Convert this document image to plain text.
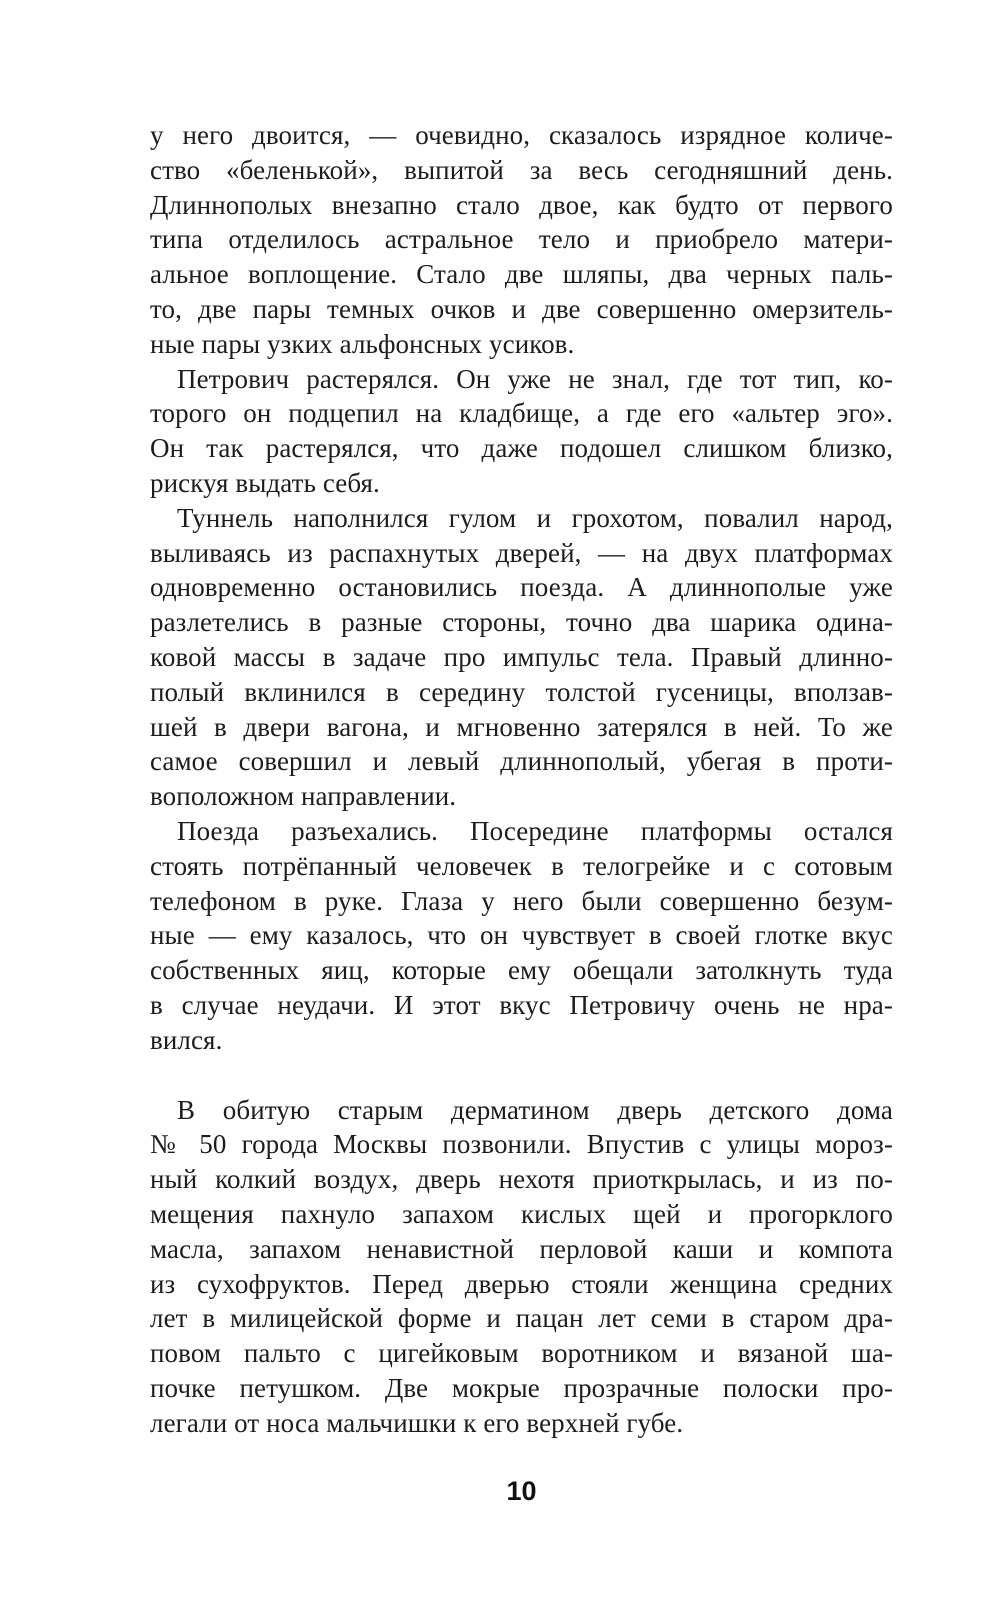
у него двоится, — очевидно, сказалось изрядное количе-
ство «беленькой», выпитой за весь сегодняшний день.
Длиннополых внезапно стало двое, как будто от первого
типа отделилось астральное тело и приобрело матери-
альное воплощение. Стало две шляпы, два черных паль-
то, две пары темных очков и две совершенно омерзитель-
ные пары узких альфонсных усиков.
Петрович растерялся. Он уже не знал, где тот тип, ко-
торого он подцепил на кладбище, а где его «альтер эго».
Он так растерялся, что даже подошел слишком близко,
рискуя выдать себя.
Туннель наполнился гулом и грохотом, повалил народ,
выливаясь из распахнутых дверей, — на двух платформах
одновременно остановились поезда. А длиннополые уже
разлетелись в разные стороны, точно два шарика одина-
ковой массы в задаче про импульс тела. Правый длинно-
полый вклинился в середину толстой гусеницы, вползав-
шей в двери вагона, и мгновенно затерялся в ней. То же
самое совершил и левый длиннополый, убегая в проти-
воположном направлении.
Поезда разъехались. Посередине платформы остался
стоять потрёпанный человечек в телогрейке и с сотовым
телефоном в руке. Глаза у него были совершенно безум-
ные — ему казалось, что он чувствует в своей глотке вкус
собственных яиц, которые ему обещали затолкнуть туда
в случае неудачи. И этот вкус Петровичу очень не нра-
вился.
В обитую старым дерматином дверь детского дома
№ 50 города Москвы позвонили. Впустив с улицы мороз-
ный колкий воздух, дверь нехотя приоткрылась, и из по-
мещения пахнуло запахом кислых щей и прогорклого
масла, запахом ненавистной перловой каши и компота
из сухофруктов. Перед дверью стояли женщина средних
лет в милицейской форме и пацан лет семи в старом дра-
повом пальто с цигейковым воротником и вязаной ша-
почке петушком. Две мокрые прозрачные полоски про-
легали от носа мальчишки к его верхней губе.
10
